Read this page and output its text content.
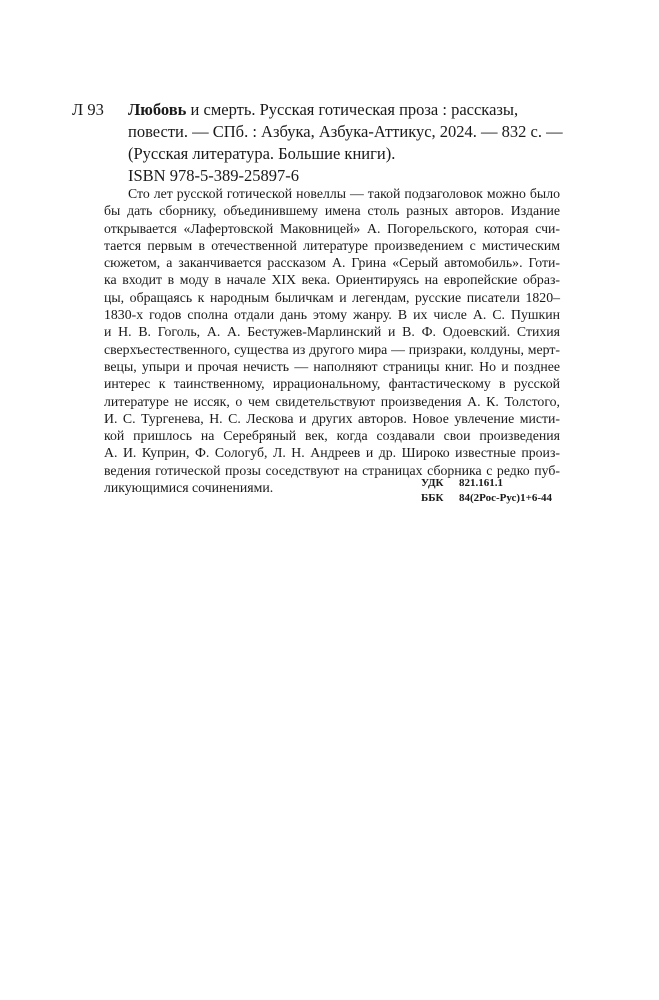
Л 93 Любовь и смерть. Русская готическая проза : рассказы,
повести. — СПб. : Азбука, Азбука-Аттикус, 2024. — 832 с. —
(Русская литература. Большие книги).
ISBN 978-5-389-25897-6
Сто лет русской готической новеллы — такой подзаголовок можно было
бы дать сборнику, объединившему имена столь разных авторов. Издание
открывается «Лафертовской Маковницей» А. Погорельского, которая счи-
тается первым в отечественной литературе произведением с мистическим
сюжетом, а заканчивается рассказом А. Грина «Серый автомобиль». Готи-
ка входит в моду в начале XIX века. Ориентируясь на европейские образ-
цы, обращаясь к народным быличкам и легендам, русские писатели 1820–
1830-х годов сполна отдали дань этому жанру. В их числе А. С. Пушкин
и Н. В. Гоголь, А. А. Бестужев-Марлинский и В. Ф. Одоевский. Стихия
сверхъестественного, существа из другого мира — призраки, колдуны, мерт-
вецы, упыри и прочая нечисть — наполняют страницы книг. Но и позднее
интерес к таинственному, иррациональному, фантастическому в русской
литературе не иссяк, о чем свидетельствуют произведения А. К. Толстого,
И. С. Тургенева, Н. С. Лескова и других авторов. Новое увлечение мисти-
кой пришлось на Серебряный век, когда создавали свои произведения
А. И. Куприн, Ф. Сологуб, Л. Н. Андреев и др. Широко известные произ-
ведения готической прозы соседствуют на страницах сборника с редко пуб-
ликующимися сочинениями.	УДК 821.161.1
ББК 84(2Рос-Рус)1+6-44
